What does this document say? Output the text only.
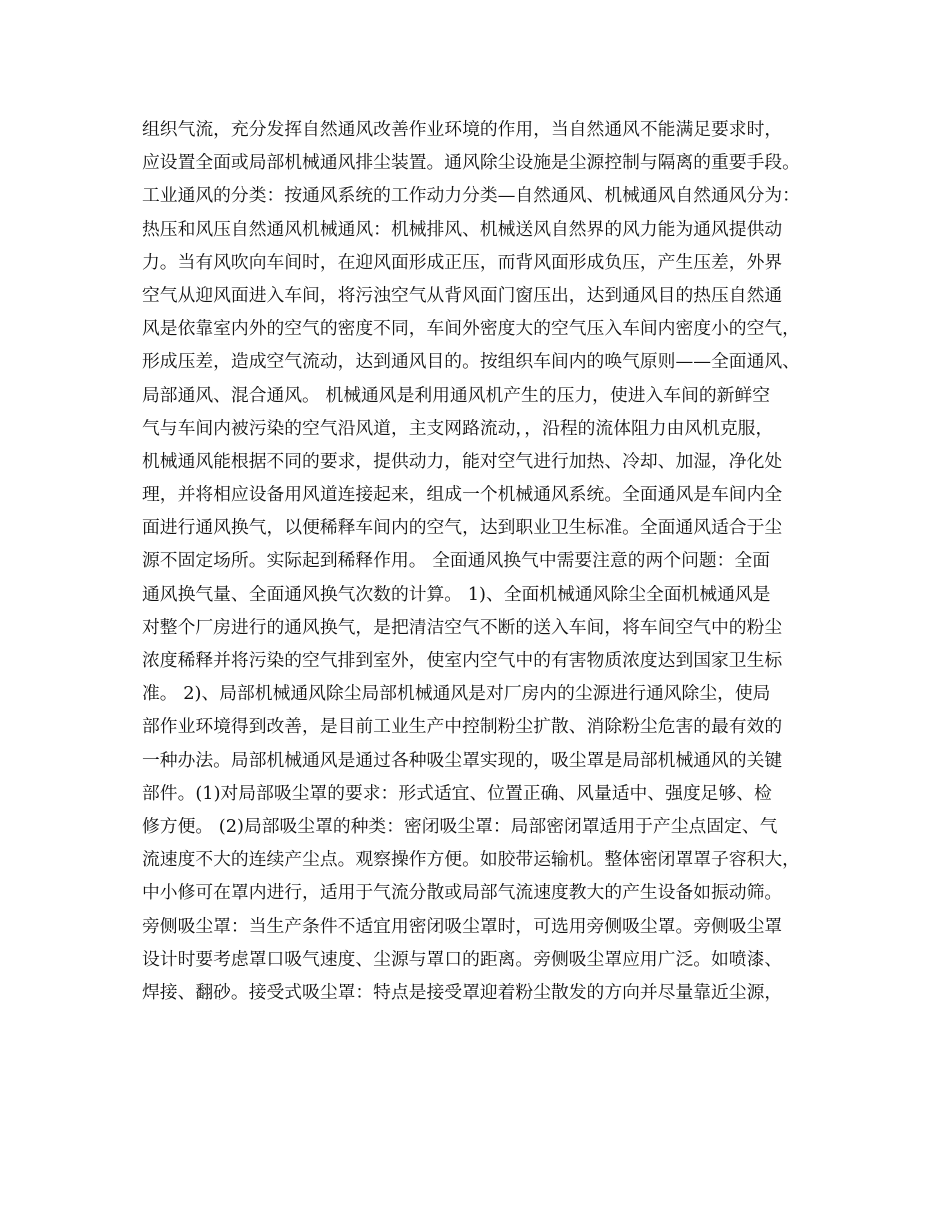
组织气流，充分发挥自然通风改善作业环境的作用，当自然通风不能满足要求时，
应设置全面或局部机械通风排尘装置。通风除尘设施是尘源控制与隔离的重要手段。
工业通风的分类：按通风系统的工作动力分类—自然通风、机械通风自然通风分为：
热压和风压自然通风机械通风：机械排风、机械送风自然界的风力能为通风提供动
力。当有风吹向车间时，在迎风面形成正压，而背风面形成负压，产生压差，外界
空气从迎风面进入车间，将污浊空气从背风面门窗压出，达到通风目的热压自然通
风是依靠室内外的空气的密度不同，车间外密度大的空气压入车间内密度小的空气，
形成压差，造成空气流动，达到通风目的。按组织车间内的唤气原则——全面通风、
局部通风、混合通风。 机械通风是利用通风机产生的压力，使进入车间的新鲜空
气与车间内被污染的空气沿风道，主支网路流动，，沿程的流体阻力由风机克服，
机械通风能根据不同的要求，提供动力，能对空气进行加热、冷却、加湿，净化处
理，并将相应设备用风道连接起来，组成一个机械通风系统。全面通风是车间内全
面进行通风换气，以便稀释车间内的空气，达到职业卫生标准。全面通风适合于尘
源不固定场所。实际起到稀释作用。 全面通风换气中需要注意的两个问题：全面
通风换气量、全面通风换气次数的计算。 1)、全面机械通风除尘全面机械通风是
对整个厂房进行的通风换气，是把清洁空气不断的送入车间，将车间空气中的粉尘
浓度稀释并将污染的空气排到室外，使室内空气中的有害物质浓度达到国家卫生标
准。 2)、局部机械通风除尘局部机械通风是对厂房内的尘源进行通风除尘，使局
部作业环境得到改善，是目前工业生产中控制粉尘扩散、消除粉尘危害的最有效的
一种办法。局部机械通风是通过各种吸尘罩实现的，吸尘罩是局部机械通风的关键
部件。(1)对局部吸尘罩的要求：形式适宜、位置正确、风量适中、强度足够、检
修方便。 (2)局部吸尘罩的种类：密闭吸尘罩：局部密闭罩适用于产尘点固定、气
流速度不大的连续产尘点。观察操作方便。如胶带运输机。整体密闭罩罩子容积大，
中小修可在罩内进行，适用于气流分散或局部气流速度教大的产生设备如振动筛。
旁侧吸尘罩：当生产条件不适宜用密闭吸尘罩时，可选用旁侧吸尘罩。旁侧吸尘罩
设计时要考虑罩口吸气速度、尘源与罩口的距离。旁侧吸尘罩应用广泛。如喷漆、
焊接、翻砂。接受式吸尘罩：特点是接受罩迎着粉尘散发的方向并尽量靠近尘源，
